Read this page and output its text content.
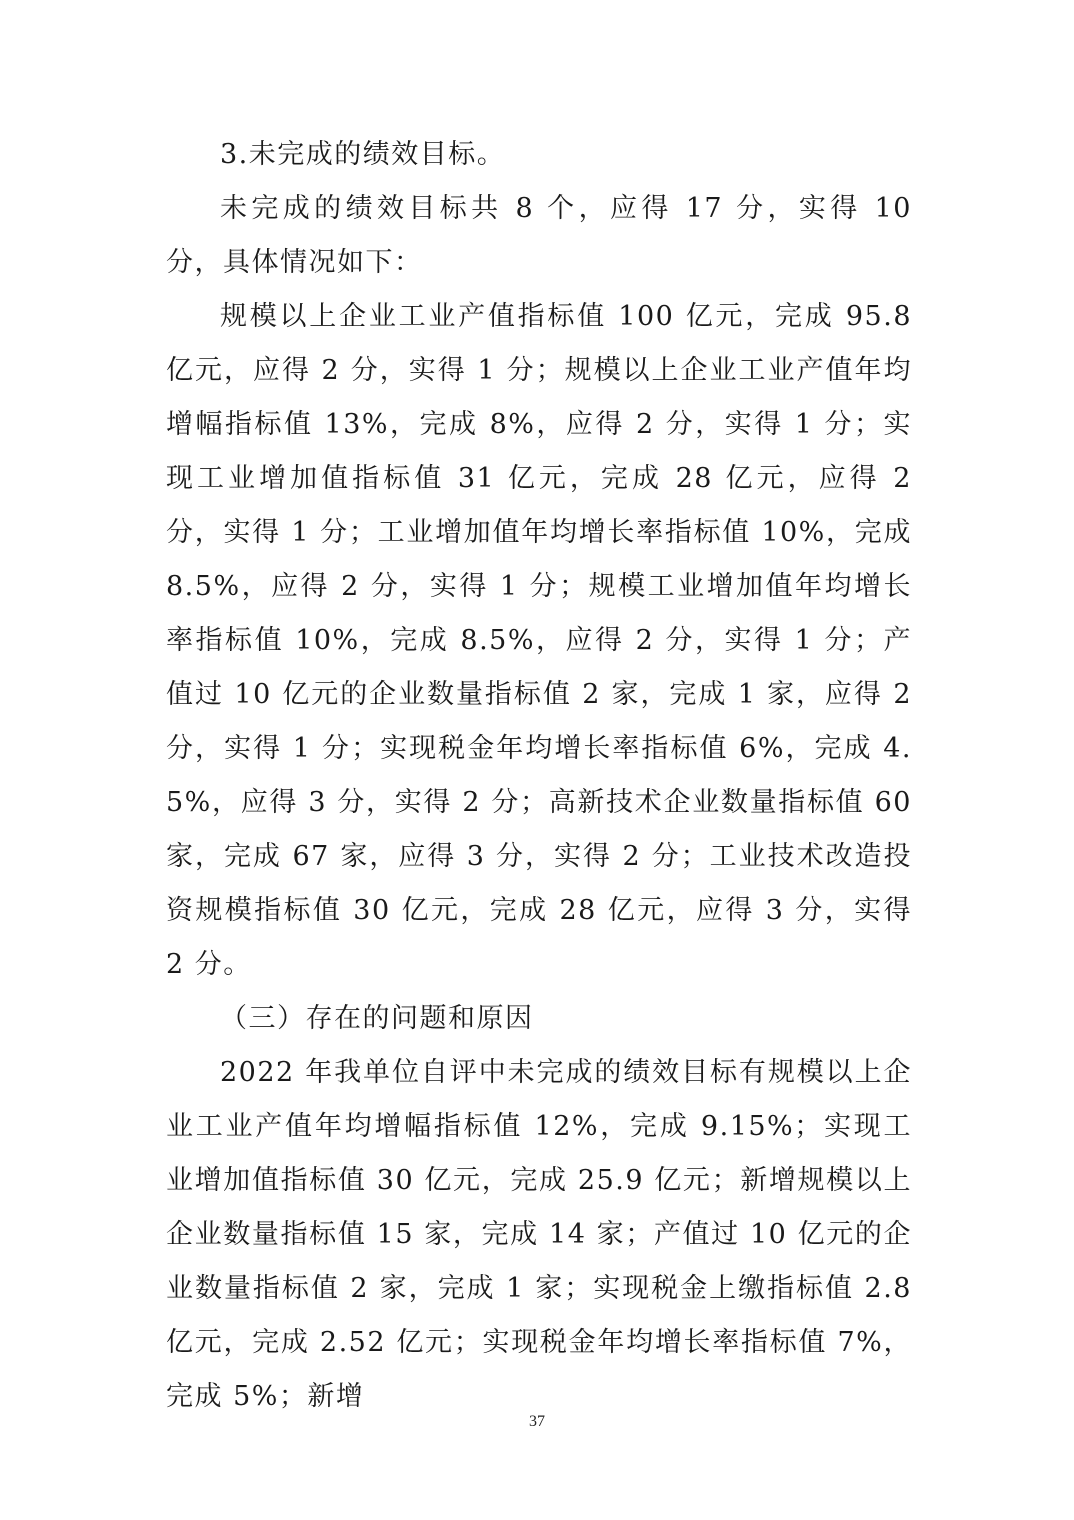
3.未完成的绩效目标。

未完成的绩效目标共 8 个，应得 17 分，实得 10 分，具体情况如下：

规模以上企业工业产值指标值 100 亿元，完成 95.8 亿元，应得 2 分，实得 1 分；规模以上企业工业产值年均增幅指标值 13%，完成 8%，应得 2 分，实得 1 分；实现工业增加值指标值 31 亿元，完成 28 亿元，应得 2 分，实得 1 分；工业增加值年均增长率指标值 10%，完成 8.5%，应得 2 分，实得 1 分；规模工业增加值年均增长率指标值 10%，完成 8.5%，应得 2 分，实得 1 分；产值过 10 亿元的企业数量指标值 2 家，完成 1 家，应得 2 分，实得 1 分；实现税金年均增长率指标值 6%，完成 4.5%，应得 3 分，实得 2 分；高新技术企业数量指标值 60 家，完成 67 家，应得 3 分，实得 2 分；工业技术改造投资规模指标值 30 亿元，完成 28 亿元，应得 3 分，实得 2 分。

（三）存在的问题和原因

2022 年我单位自评中未完成的绩效目标有规模以上企业工业产值年均增幅指标值 12%，完成 9.15%；实现工业增加值指标值 30 亿元，完成 25.9 亿元；新增规模以上企业数量指标值 15 家，完成 14 家；产值过 10 亿元的企业数量指标值 2 家，完成 1 家；实现税金上缴指标值 2.8 亿元，完成 2.52 亿元；实现税金年均增长率指标值 7%，完成 5%；新增

37
